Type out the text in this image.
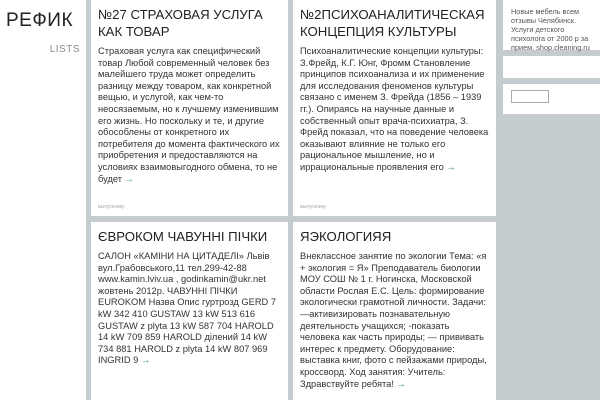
РЕФИК
LISTS
№27 СТРАХОВАЯ УСЛУГА КАК ТОВАР

Страховая услуга как специфический товар Любой современный человек без малейшего труда может определить разницу между товаром, как конкретной вещью, и услугой, как чем-то неосязаемым, но к лучшему изменившим его жизнь. Но поскольку и те, и другие обособлены от конкретного их потребителя до момента фактического их приобретения и предоставляются на условиях взаимовыгодного обмена, то не будет →

выпускнику
№2ПСИХОАНАЛИТИЧЕСКАЯ КОНЦЕПЦИЯ КУЛЬТУРЫ

Психоаналитические концепции культуры: З.Фрейд, К.Г. Юнг, Фромм Становление принципов психоанализа и их применение для исследования феноменов культуры связано с именем З. Фрейда (1856 – 1939 гг.). Опираясь на научные данные и собственный опыт врача-психиатра, З. Фрейд показал, что на поведение человека оказывают влияние не только его рациональное мышление, но и иррациональные проявления его →

выпускнику
ЄВРОКОМ ЧАВУННІ ПІЧКИ

САЛОН «КАМІНИ НА ЦИТАДЕЛІ» Львів вул.Грабовського,11 тел.299-42-88 www.kamin.lviv.ua , godinkamin@ukr.net жовтень 2012р. ЧАВУННІ ПІЧКИ EUROKOM Назва Опис гуртрозд GERD 7 kW 342 410 GUSTAW 13 kW 513 616 GUSTAW z plyta 13 kW 587 704 HAROLD 14 kW 709 859 HAROLD ділений 14 kW 734 881 HAROLD z plyta 14 kW 807 969 INGRID 9 →

ЯЭКОЛОГИЯЯ

Внеклассное занятие по экологии Тема: «я + экология = Я» Преподаватель биологии МОУ СОШ № 1 г. Ногинска, Московской области Рослая Е.С. Цель: формирование экологически грамотной личности. Задачи: —активизировать познавательную деятельность учащихся; -показать человека как часть природы; — прививать интерес к предмету. Оборудование: выставка книг, фото с пейзажами природы, кроссворд. Ход занятия: Учитель: Здравствуйте ребята! →

Новые мебель всем отзывы Челябинск. Услуги детского психолога от 2000 р за прием. shop.cleaning.ru
